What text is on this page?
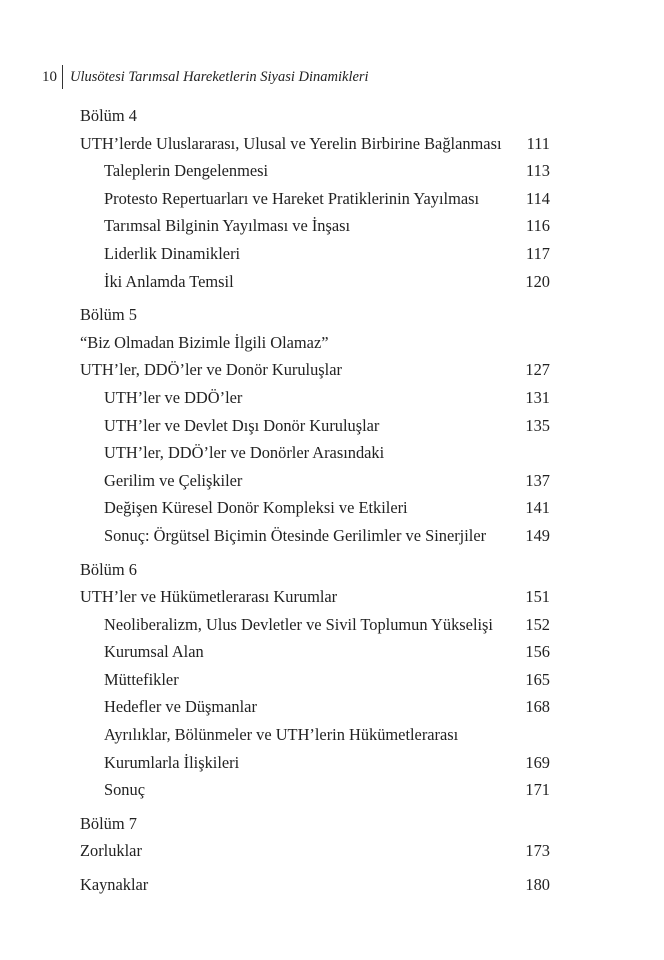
10 Ulusötesi Tarımsal Hareketlerin Siyasi Dinamikleri
Bölüm 4
UTH’lerde Uluslararası, Ulusal ve Yerelin Birbirine Bağlanması	111
Taleplerin Dengelenmesi	113
Protesto Repertuarları ve Hareket Pratiklerinin Yayılması	114
Tarımsal Bilginin Yayılması ve İnşası	116
Liderlik Dinamikleri	117
İki Anlamda Temsil	120
Bölüm 5
“Biz Olmadan Bizimle İlgili Olamaz”
UTH’ler, DDÖ’ler ve Donör Kuruluşlar	127
UTH’ler ve DDÖ’ler	131
UTH’ler ve Devlet Dışı Donör Kuruluşlar	135
UTH’ler, DDÖ’ler ve Donörler Arasındaki
Gerilim ve Çelişkiler	137
Değişen Küresel Donör Kompleksi ve Etkileri	141
Sonuç: Örgütsel Biçimin Ötesinde Gerilimler ve Sinerjiler	149
Bölüm 6
UTH’ler ve Hükümetlerarası Kurumlar	151
Neoliberalizm, Ulus Devletler ve Sivil Toplumun Yükselişi	152
Kurumsal Alan	156
Müttefikler	165
Hedefler ve Düşmanlar	168
Ayrılıklar, Bölünmeler ve UTH’lerin Hükümetlerarası
Kurumlarla İlişkileri	169
Sonuç	171
Bölüm 7
Zorluklar	173
Kaynaklar	180
